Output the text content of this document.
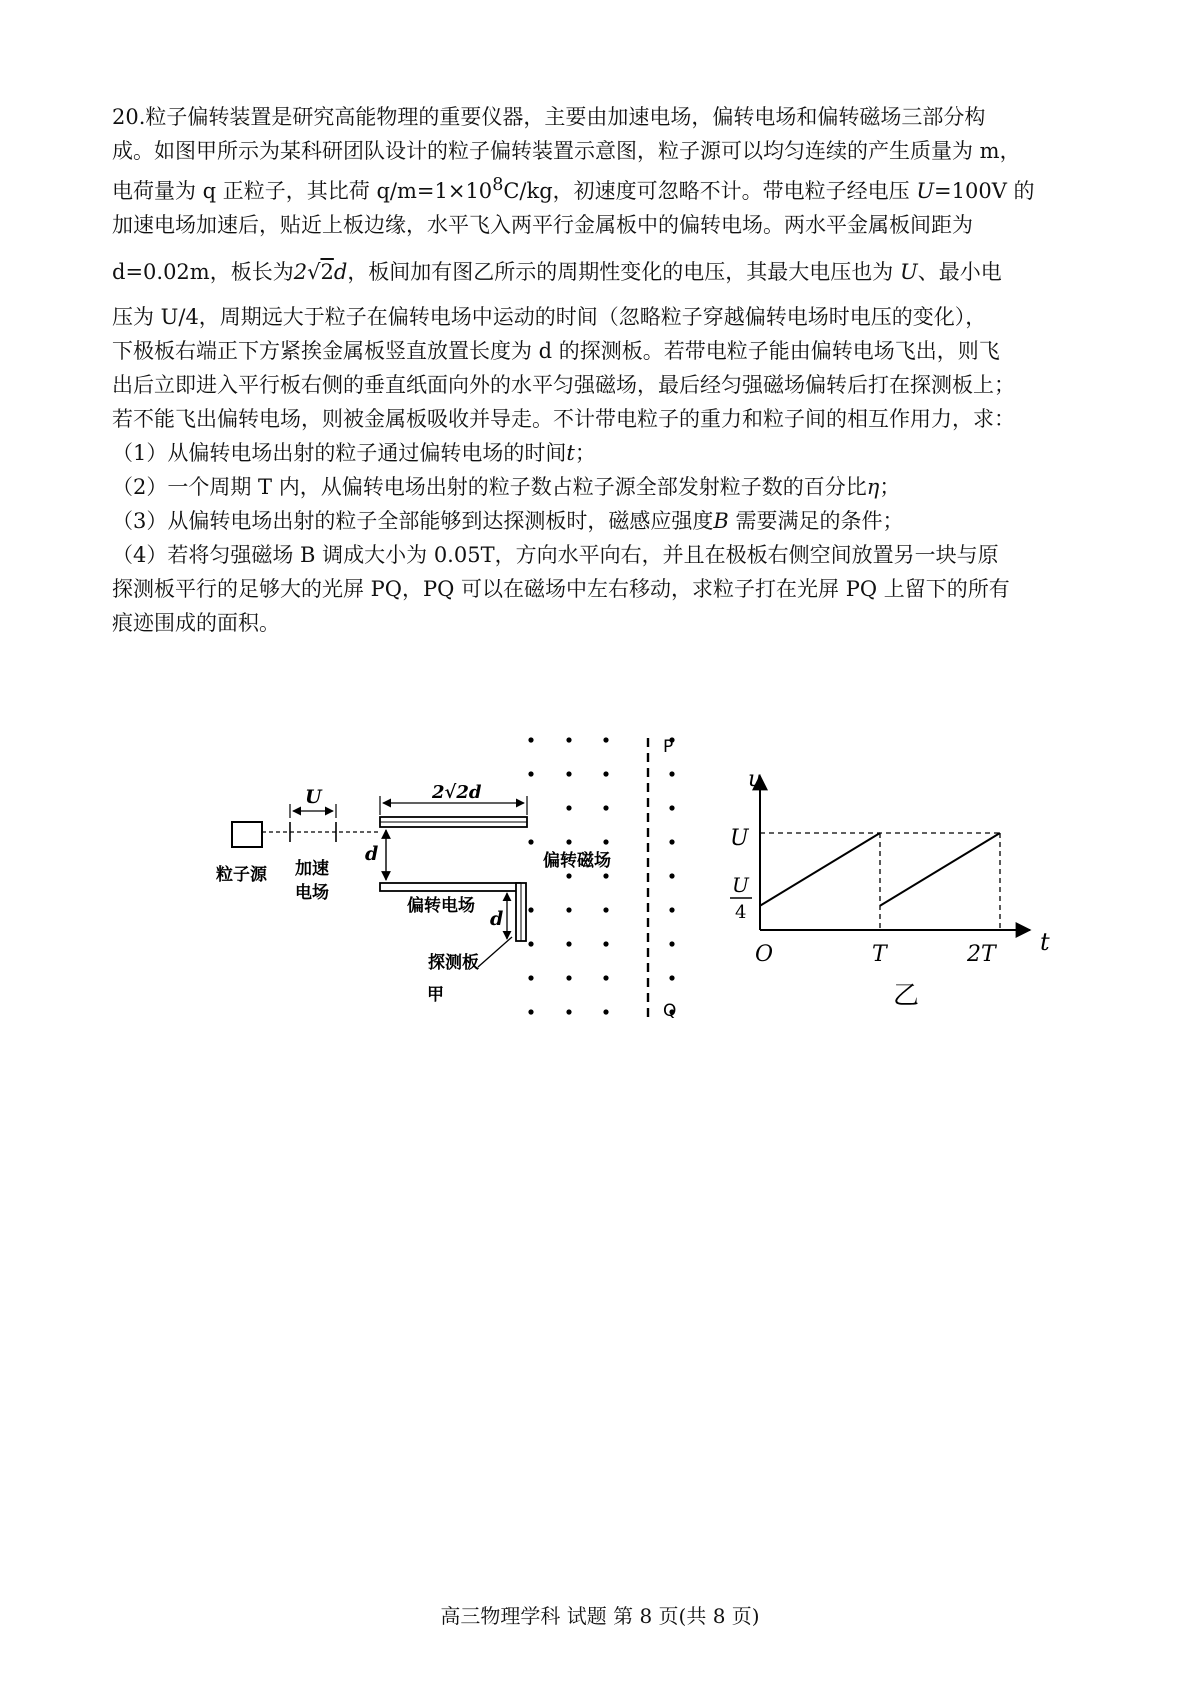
20.粒子偏转装置是研究高能物理的重要仪器，主要由加速电场，偏转电场和偏转磁场三部分构

成。如图甲所示为某科研团队设计的粒子偏转装置示意图，粒子源可以均匀连续的产生质量为 m，

电荷量为 q 正粒子，其比荷 $q/m=1\times 10^8C/kg$，初速度可忽略不计。带电粒子经电压 U=100V 的

加速电场加速后，贴近上板边缘，水平飞入两平行金属板中的偏转电场。两水平金属板间距为

d=0.02m，板长为2√2d，板间加有图乙所示的周期性变化的电压，其最大电压也为 U、最小电

压为 U/4，周期远大于粒子在偏转电场中运动的时间（忽略粒子穿越偏转电场时电压的变化），

下极板右端正下方紧挨金属板竖直放置长度为 d 的探测板。若带电粒子能由偏转电场飞出，则飞

出后立即进入平行板右侧的垂直纸面向外的水平匀强磁场，最后经匀强磁场偏转后打在探测板上；

若不能飞出偏转电场，则被金属板吸收并导走。不计带电粒子的重力和粒子间的相互作用力，求：

（1）从偏转电场出射的粒子通过偏转电场的时间t；

（2）一个周期 T 内，从偏转电场出射的粒子数占粒子源全部发射粒子数的百分比η；

（3）从偏转电场出射的粒子全部能够到达探测板时，磁感应强度B 需要满足的条件；

（4）若将匀强磁场 B 调成大小为 0.05T，方向水平向右，并且在极板右侧空间放置另一块与原

探测板平行的足够大的光屏 PQ，PQ 可以在磁场中左右移动，求粒子打在光屏 PQ 上留下的所有

痕迹围成的面积。

粒子源
U
加速
电场
2√2d
d
偏转电场
d
探测板
甲
偏转磁场
P
Q
u
t
U
U
4
O	T	2T
乙
高三物理学科 试题 第 8 页(共 8 页)
